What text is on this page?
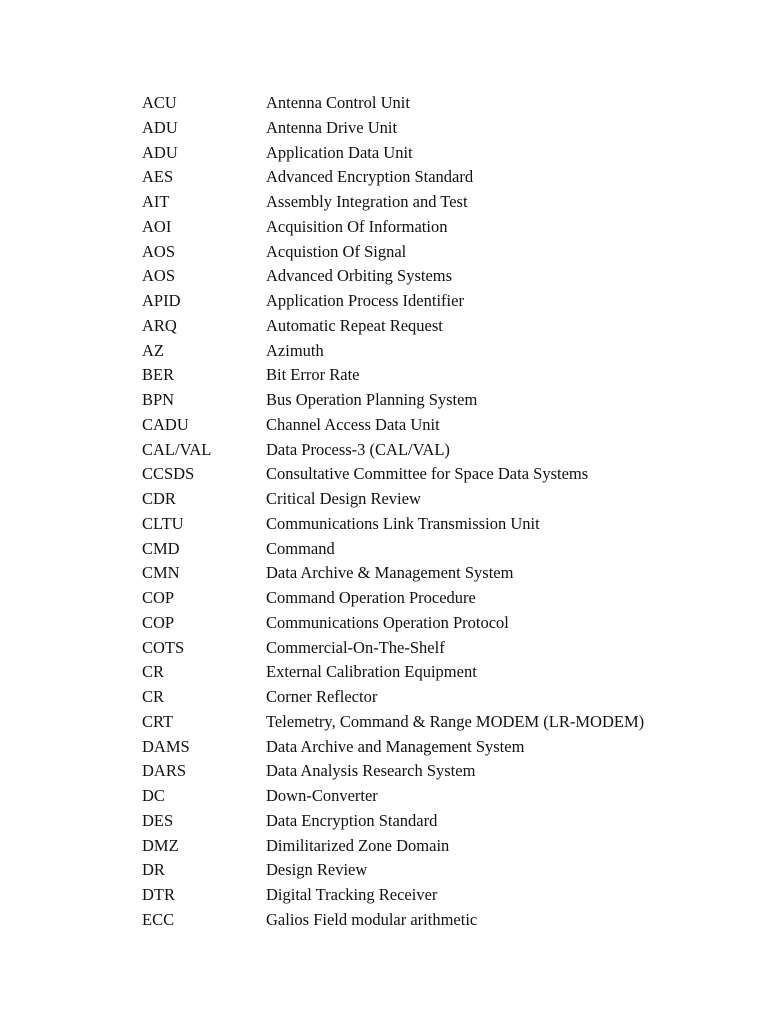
ACU	Antenna Control Unit
ADU	Antenna Drive Unit
ADU	Application Data Unit
AES	Advanced Encryption Standard
AIT	Assembly Integration and Test
AOI	Acquisition Of Information
AOS	Acquistion Of Signal
AOS	Advanced Orbiting Systems
APID	Application Process Identifier
ARQ	Automatic Repeat Request
AZ	Azimuth
BER	Bit Error Rate
BPN	Bus Operation Planning System
CADU	Channel Access Data Unit
CAL/VAL	Data Process-3 (CAL/VAL)
CCSDS	Consultative Committee for Space Data Systems
CDR	Critical Design Review
CLTU	Communications Link Transmission Unit
CMD	Command
CMN	Data Archive & Management System
COP	Command Operation Procedure
COP	Communications Operation Protocol
COTS	Commercial-On-The-Shelf
CR	External Calibration Equipment
CR	Corner Reflector
CRT	Telemetry, Command & Range MODEM (LR-MODEM)
DAMS	Data Archive and Management System
DARS	Data Analysis Research System
DC	Down-Converter
DES	Data Encryption Standard
DMZ	Dimilitarized Zone Domain
DR	Design Review
DTR	Digital Tracking Receiver
ECC	Galios Field modular arithmetic
